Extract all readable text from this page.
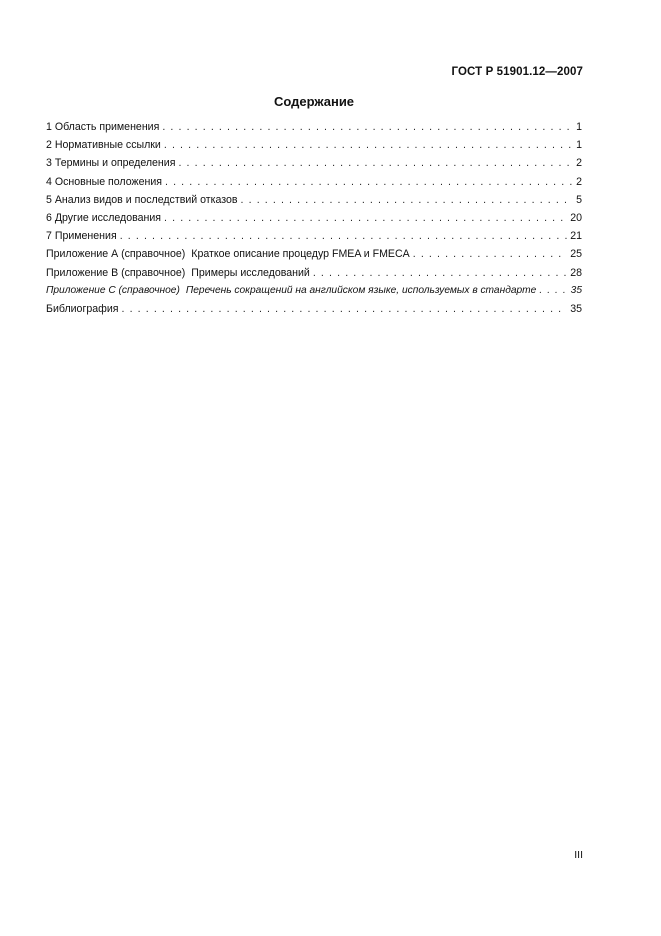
ГОСТ Р 51901.12—2007
Содержание
1 Область применения . . .	1
2 Нормативные ссылки . . .	1
3 Термины и определения . . .	2
4 Основные положения . . .	2
5 Анализ видов и последствий отказов . . .	5
6 Другие исследования . . .	20
7 Применения . . .	21
Приложение А (справочное) Краткое описание процедур FMEA и FMECA . . .	25
Приложение В (справочное) Примеры исследований . . .	28
Приложение С (справочное) Перечень сокращений на английском языке, используемых в стандарте . . .	35
Библиография . . .	35
III
